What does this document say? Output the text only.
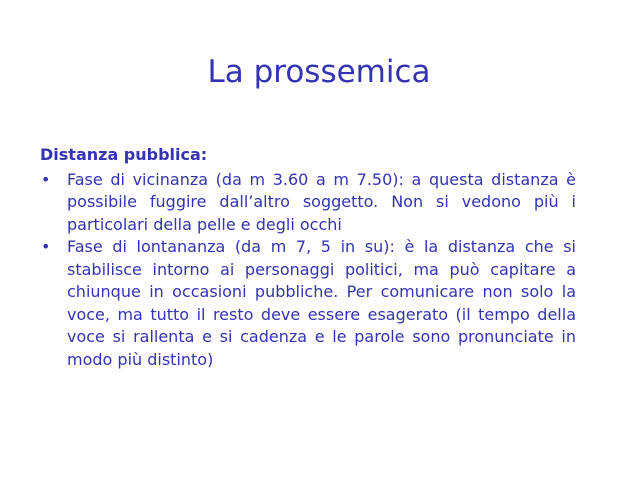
La prossemica
Distanza pubblica:
• Fase di vicinanza (da m 3.60 a m 7.50): a questa distanza è possibile fuggire dall’altro soggetto. Non si vedono più i particolari della pelle e degli occhi
• Fase di lontananza (da m 7, 5 in su): è la distanza che si stabilisce intorno ai personaggi politici, ma può capitare a chiunque in occasioni pubbliche. Per comunicare non solo la voce, ma tutto il resto deve essere esagerato (il tempo della voce si rallenta e si cadenza e le parole sono pronunciate in modo più distinto)
